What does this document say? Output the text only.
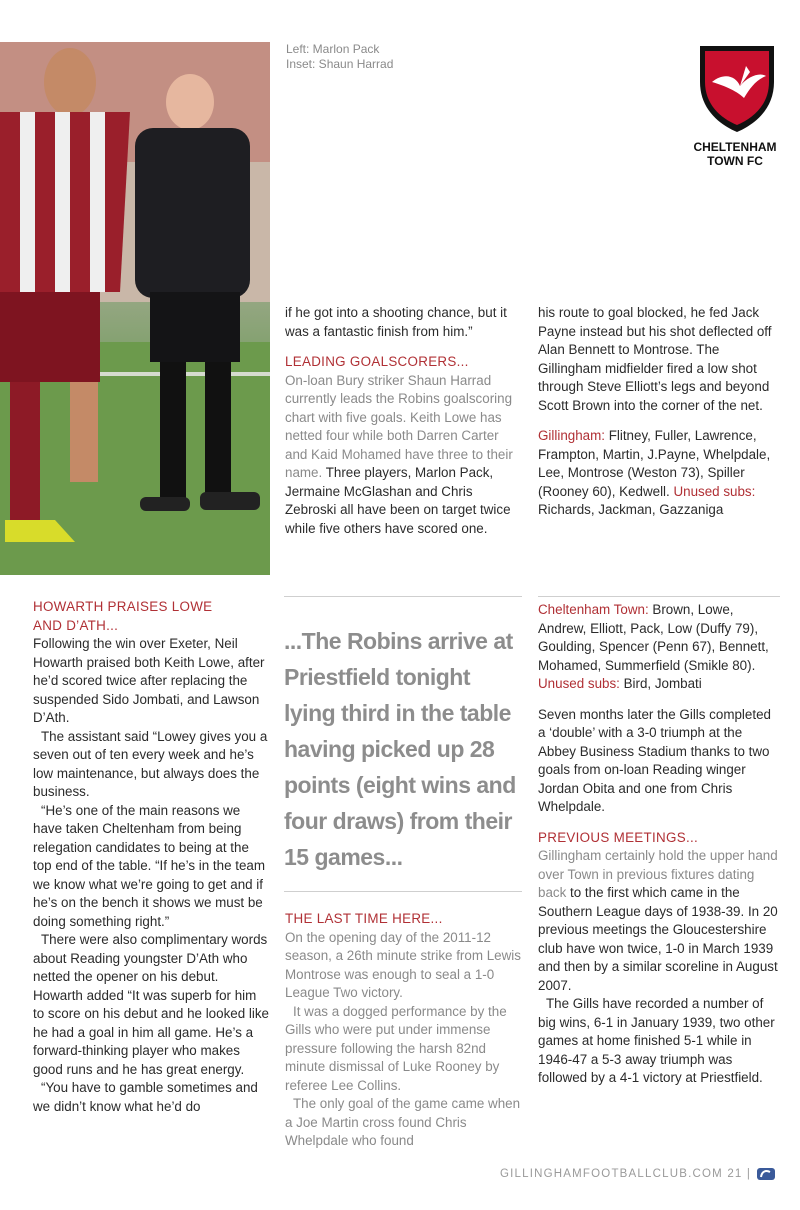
Left: Marlon Pack
Inset: Shaun Harrad
CHELTENHAM
TOWN FC

HOWARTH PRAISES LOWE
AND D’ATH...

Following the win over Exeter, Neil Howarth praised both Keith Lowe, after he’d scored twice after replacing the suspended Sido Jombati, and Lawson D’Ath.

The assistant said “Lowey gives you a seven out of ten every week and he’s low maintenance, but always does the business.

“He’s one of the main reasons we have taken Cheltenham from being relegation candidates to being at the top end of the table. “If he’s in the team we know what we’re going to get and if he’s on the bench it shows we must be doing something right.”

There were also complimentary words about Reading youngster D’Ath who netted the opener on his debut. Howarth added “It was superb for him to score on his debut and he looked like he had a goal in him all game. He’s a forward-thinking player who makes good runs and he has great energy.

“You have to gamble sometimes and we didn’t know what he’d do

if he got into a shooting chance, but it was a fantastic finish from him.”

LEADING GOALSCORERS...

On-loan Bury striker Shaun Harrad currently leads the Robins goalscoring chart with five goals. Keith Lowe has netted four while both Darren Carter and Kaid Mohamed have three to their name. Three players, Marlon Pack, Jermaine McGlashan and Chris Zebroski all have been on target twice while five others have scored one.

...The Robins arrive at Priestfield tonight lying third in the table having picked up 28 points (eight wins and four draws) from their 15 games...

THE LAST TIME HERE...

On the opening day of the 2011-12 season, a 26th minute strike from Lewis Montrose was enough to seal a 1-0 League Two victory.

It was a dogged performance by the Gills who were put under immense pressure following the harsh 82nd minute dismissal of Luke Rooney by referee Lee Collins.

The only goal of the game came when a Joe Martin cross found Chris Whelpdale who found

his route to goal blocked, he fed Jack Payne instead but his shot deflected off Alan Bennett to Montrose. The Gillingham midfielder fired a low shot through Steve Elliott’s legs and beyond Scott Brown into the corner of the net.

Gillingham: Flitney, Fuller, Lawrence, Frampton, Martin, J.Payne, Whelpdale, Lee, Montrose (Weston 73), Spiller (Rooney 60), Kedwell. Unused subs: Richards, Jackman, Gazzaniga

Cheltenham Town: Brown, Lowe, Andrew, Elliott, Pack, Low (Duffy 79), Goulding, Spencer (Penn 67), Bennett, Mohamed, Summerfield (Smikle 80). Unused subs: Bird, Jombati

Seven months later the Gills completed a ‘double’ with a 3-0 triumph at the Abbey Business Stadium thanks to two goals from on-loan Reading winger Jordan Obita and one from Chris Whelpdale.

PREVIOUS MEETINGS...

Gillingham certainly hold the upper hand over Town in previous fixtures dating back to the first which came in the Southern League days of 1938-39. In 20 previous meetings the Gloucestershire club have won twice, 1-0 in March 1939 and then by a similar scoreline in August 2007.

The Gills have recorded a number of big wins, 6-1 in January 1939, two other games at home finished 5-1 while in 1946-47 a 5-3 away triumph was followed by a 4-1 victory at Priestfield.

GILLINGHAMFOOTBALLCLUB.COM 21 |
